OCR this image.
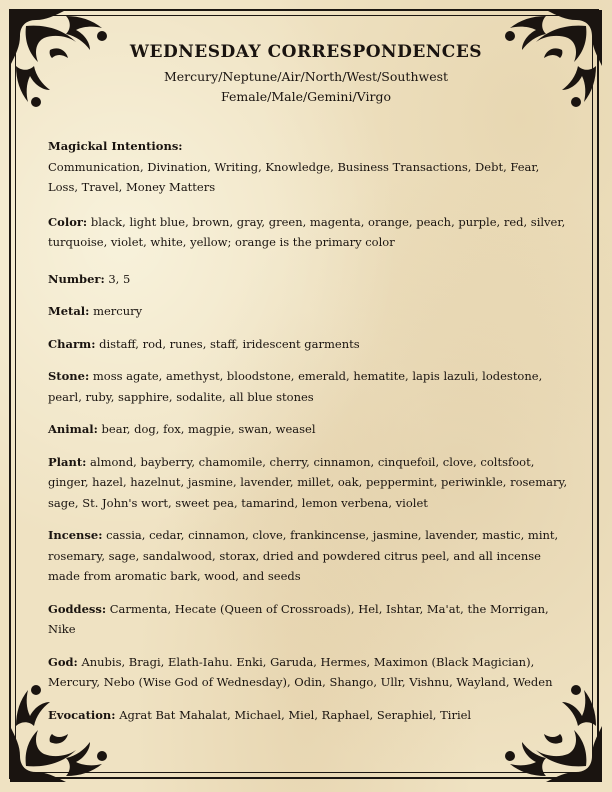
WEDNESDAY CORRESPONDENCES
Mercury/Neptune/Air/North/West/Southwest
Female/Male/Gemini/Virgo
Magickal Intentions:
Communication, Divination, Writing, Knowledge, Business Transactions, Debt, Fear, Loss, Travel, Money Matters
Color: black, light blue, brown, gray, green, magenta, orange, peach, purple, red, silver, turquoise, violet, white, yellow; orange is the primary color
Number: 3, 5
Metal: mercury
Charm: distaff, rod, runes, staff, iridescent garments
Stone: moss agate, amethyst, bloodstone, emerald, hematite, lapis lazuli, lodestone, pearl, ruby, sapphire, sodalite, all blue stones
Animal: bear, dog, fox, magpie, swan, weasel
Plant: almond, bayberry, chamomile, cherry, cinnamon, cinquefoil, clove, coltsfoot, ginger, hazel, hazelnut, jasmine, lavender, millet, oak, peppermint, periwinkle, rosemary, sage, St. John's wort, sweet pea, tamarind, lemon verbena, violet
Incense: cassia, cedar, cinnamon, clove, frankincense, jasmine, lavender, mastic, mint, rosemary, sage, sandalwood, storax, dried and powdered citrus peel, and all incense made from aromatic bark, wood, and seeds
Goddess: Carmenta, Hecate (Queen of Crossroads), Hel, Ishtar, Ma'at, the Morrigan, Nike
God: Anubis, Bragi, Elath-Iahu. Enki, Garuda, Hermes, Maximon (Black Magician), Mercury, Nebo (Wise God of Wednesday), Odin, Shango, Ullr, Vishnu, Wayland, Weden
Evocation: Agrat Bat Mahalat, Michael, Miel, Raphael, Seraphiel, Tiriel
